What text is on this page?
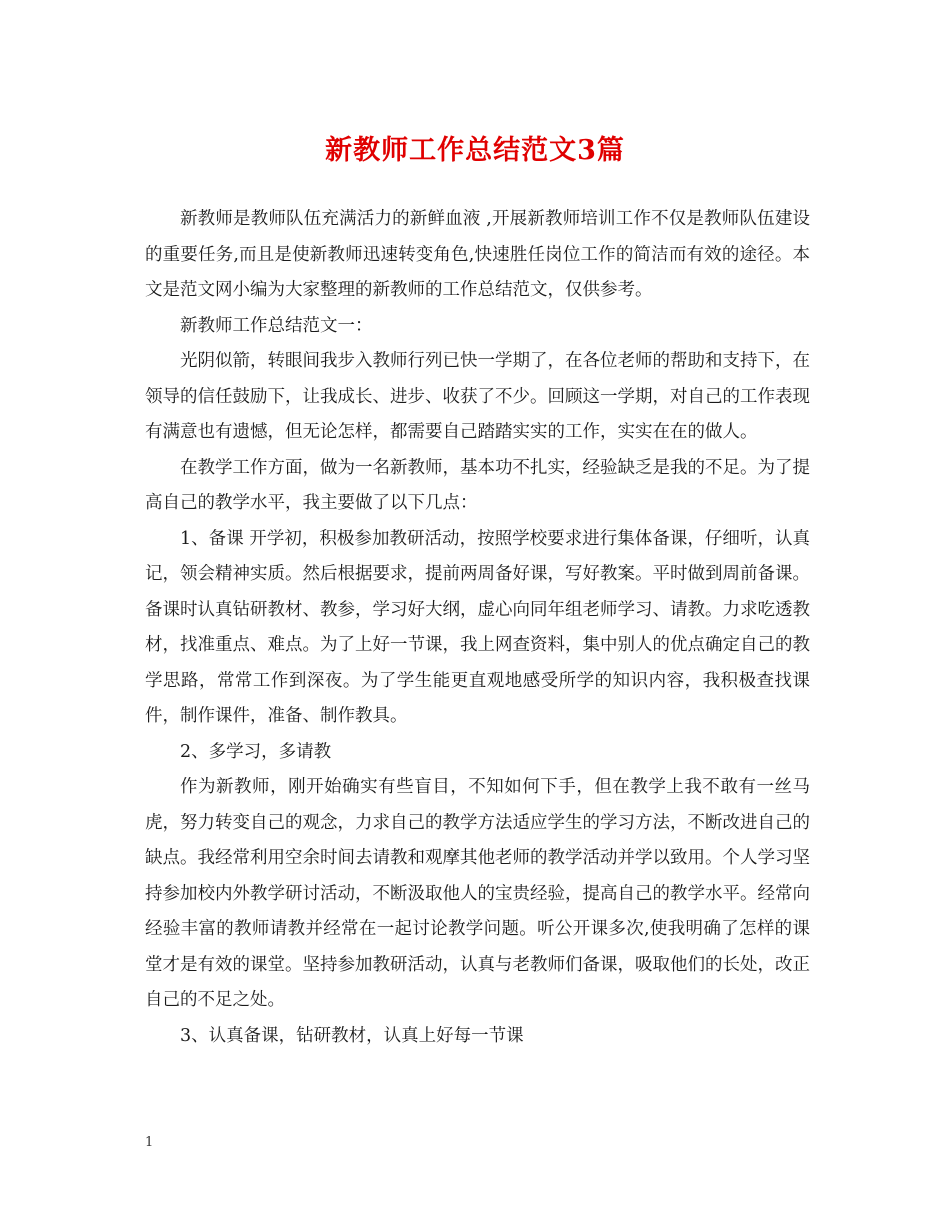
新教师工作总结范文3篇

新教师是教师队伍充满活力的新鲜血液 ,开展新教师培训工作不仅是教师队伍建设的重要任务,而且是使新教师迅速转变角色,快速胜任岗位工作的简洁而有效的途径。本文是范文网小编为大家整理的新教师的工作总结范文，仅供参考。

新教师工作总结范文一：

光阴似箭，转眼间我步入教师行列已快一学期了，在各位老师的帮助和支持下，在领导的信任鼓励下，让我成长、进步、收获了不少。回顾这一学期，对自己的工作表现有满意也有遗憾，但无论怎样，都需要自己踏踏实实的工作，实实在在的做人。

在教学工作方面，做为一名新教师，基本功不扎实，经验缺乏是我的不足。为了提高自己的教学水平，我主要做了以下几点：

1、备课 开学初，积极参加教研活动，按照学校要求进行集体备课，仔细听，认真记，领会精神实质。然后根据要求，提前两周备好课，写好教案。平时做到周前备课。备课时认真钻研教材、教参，学习好大纲，虚心向同年组老师学习、请教。力求吃透教材，找准重点、难点。为了上好一节课，我上网查资料，集中别人的优点确定自己的教学思路，常常工作到深夜。为了学生能更直观地感受所学的知识内容，我积极查找课件，制作课件，准备、制作教具。

2、多学习，多请教

作为新教师，刚开始确实有些盲目，不知如何下手，但在教学上我不敢有一丝马虎，努力转变自己的观念，力求自己的教学方法适应学生的学习方法，不断改进自己的缺点。我经常利用空余时间去请教和观摩其他老师的教学活动并学以致用。个人学习坚持参加校内外教学研讨活动，不断汲取他人的宝贵经验，提高自己的教学水平。经常向经验丰富的教师请教并经常在一起讨论教学问题。听公开课多次,使我明确了怎样的课堂才是有效的课堂。坚持参加教研活动，认真与老教师们备课，吸取他们的长处，改正自己的不足之处。

3、认真备课，钻研教材，认真上好每一节课

1
